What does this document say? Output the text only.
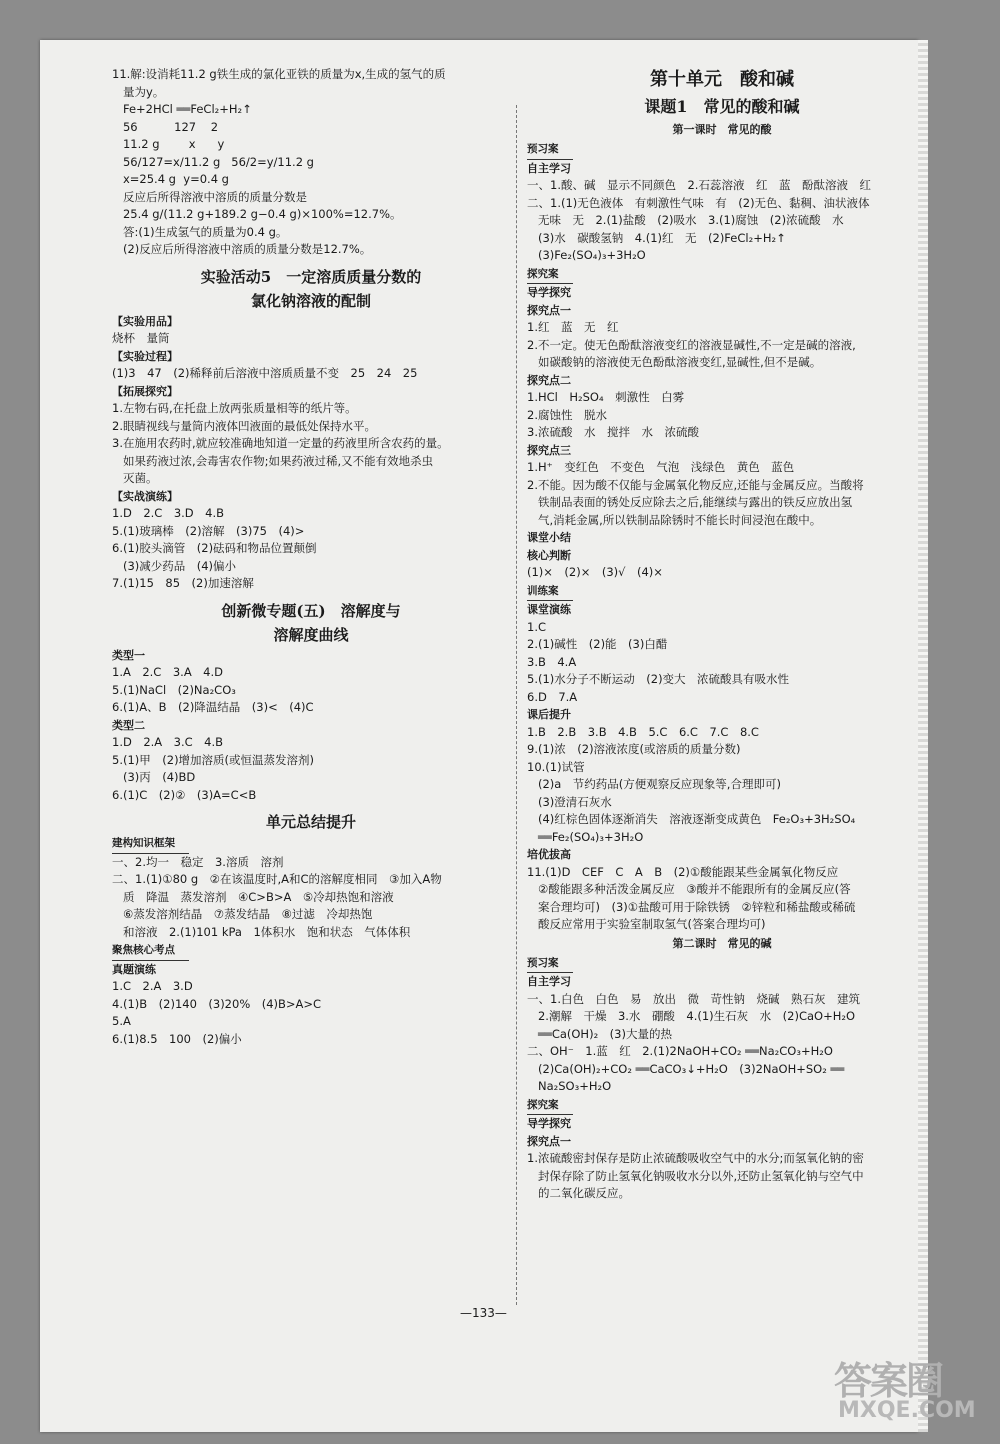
11.解:设消耗11.2 g铁生成的氯化亚铁的质量为x,生成的氢气的质
量为y。
Fe+2HCl ══FeCl₂+H₂↑
56          127    2
11.2 g        x      y
56/127=x/11.2 g   56/2=y/11.2 g
x=25.4 g  y=0.4 g
反应后所得溶液中溶质的质量分数是
25.4 g/(11.2 g+189.2 g−0.4 g)×100%=12.7%。
答:(1)生成氢气的质量为0.4 g。
(2)反应后所得溶液中溶质的质量分数是12.7%。
实验活动5　一定溶质质量分数的
氯化钠溶液的配制
【实验用品】
烧杯　量筒
【实验过程】
(1)3　47　(2)稀释前后溶液中溶质质量不变　25　24　25
【拓展探究】
1.左物右码,在托盘上放两张质量相等的纸片等。
2.眼睛视线与量筒内液体凹液面的最低处保持水平。
3.在施用农药时,就应较准确地知道一定量的药液里所含农药的量。
如果药液过浓,会毒害农作物;如果药液过稀,又不能有效地杀虫
灭菌。
【实战演练】
1.D　2.C　3.D　4.B
5.(1)玻璃棒　(2)溶解　(3)75　(4)>
6.(1)胶头滴管　(2)砝码和物品位置颠倒
(3)减少药品　(4)偏小
7.(1)15　85　(2)加速溶解
创新微专题(五)　溶解度与
溶解度曲线
类型一
1.A　2.C　3.A　4.D
5.(1)NaCl　(2)Na₂CO₃
6.(1)A、B　(2)降温结晶　(3)<　(4)C
类型二
1.D　2.A　3.C　4.B
5.(1)甲　(2)增加溶质(或恒温蒸发溶剂)
(3)丙　(4)BD
6.(1)C　(2)②　(3)A=C<B
单元总结提升
建构知识框架
一、2.均一　稳定　3.溶质　溶剂
二、1.(1)①80 g　②在该温度时,A和C的溶解度相同　③加入A物
质　降温　蒸发溶剂　④C>B>A　⑤冷却热饱和溶液
⑥蒸发溶剂结晶　⑦蒸发结晶　⑧过滤　冷却热饱
和溶液　2.(1)101 kPa　1体积水　饱和状态　气体体积
聚焦核心考点
真题演练
1.C　2.A　3.D
4.(1)B　(2)140　(3)20%　(4)B>A>C
5.A
6.(1)8.5　100　(2)偏小
第十单元　酸和碱
课题1　常见的酸和碱
第一课时　常见的酸
预习案
自主学习
一、1.酸、碱　显示不同颜色　2.石蕊溶液　红　蓝　酚酞溶液　红
二、1.(1)无色液体　有刺激性气味　有　(2)无色、黏稠、油状液体
无味　无　2.(1)盐酸　(2)吸水　3.(1)腐蚀　(2)浓硫酸　水
(3)水　碳酸氢钠　4.(1)红　无　(2)FeCl₂+H₂↑
(3)Fe₂(SO₄)₃+3H₂O
探究案
导学探究
探究点一
1.红　蓝　无　红
2.不一定。使无色酚酞溶液变红的溶液显碱性,不一定是碱的溶液,
如碳酸钠的溶液使无色酚酞溶液变红,显碱性,但不是碱。
探究点二
1.HCl　H₂SO₄　刺激性　白雾
2.腐蚀性　脱水
3.浓硫酸　水　搅拌　水　浓硫酸
探究点三
1.H⁺　变红色　不变色　气泡　浅绿色　黄色　蓝色
2.不能。因为酸不仅能与金属氧化物反应,还能与金属反应。当酸将
铁制品表面的锈处反应除去之后,能继续与露出的铁反应放出氢
气,消耗金属,所以铁制品除锈时不能长时间浸泡在酸中。
课堂小结
核心判断
(1)×　(2)×　(3)√　(4)×
训练案
课堂演练
1.C
2.(1)碱性　(2)能　(3)白醋
3.B　4.A
5.(1)水分子不断运动　(2)变大　浓硫酸具有吸水性
6.D　7.A
课后提升
1.B　2.B　3.B　4.B　5.C　6.C　7.C　8.C
9.(1)浓　(2)溶液浓度(或溶质的质量分数)
10.(1)试管
(2)a　节约药品(方便观察反应现象等,合理即可)
(3)澄清石灰水
(4)红棕色固体逐渐消失　溶液逐渐变成黄色　Fe₂O₃+3H₂SO₄
══Fe₂(SO₄)₃+3H₂O
培优拔高
11.(1)D　CEF　C　A　B　(2)①酸能跟某些金属氧化物反应
②酸能跟多种活泼金属反应　③酸并不能跟所有的金属反应(答
案合理均可)　(3)①盐酸可用于除铁锈　②锌粒和稀盐酸或稀硫
酸反应常用于实验室制取氢气(答案合理均可)
第二课时　常见的碱
预习案
自主学习
一、1.白色　白色　易　放出　微　苛性钠　烧碱　熟石灰　建筑
2.潮解　干燥　3.水　硼酸　4.(1)生石灰　水　(2)CaO+H₂O
══Ca(OH)₂　(3)大量的热
二、OH⁻　1.蓝　红　2.(1)2NaOH+CO₂ ══Na₂CO₃+H₂O
(2)Ca(OH)₂+CO₂ ══CaCO₃↓+H₂O　(3)2NaOH+SO₂ ══
Na₂SO₃+H₂O
探究案
导学探究
探究点一
1.浓硫酸密封保存是防止浓硫酸吸收空气中的水分;而氢氧化钠的密
封保存除了防止氢氧化钠吸收水分以外,还防止氢氧化钠与空气中
的二氧化碳反应。
—133—
答案圈
MXQE.COM
